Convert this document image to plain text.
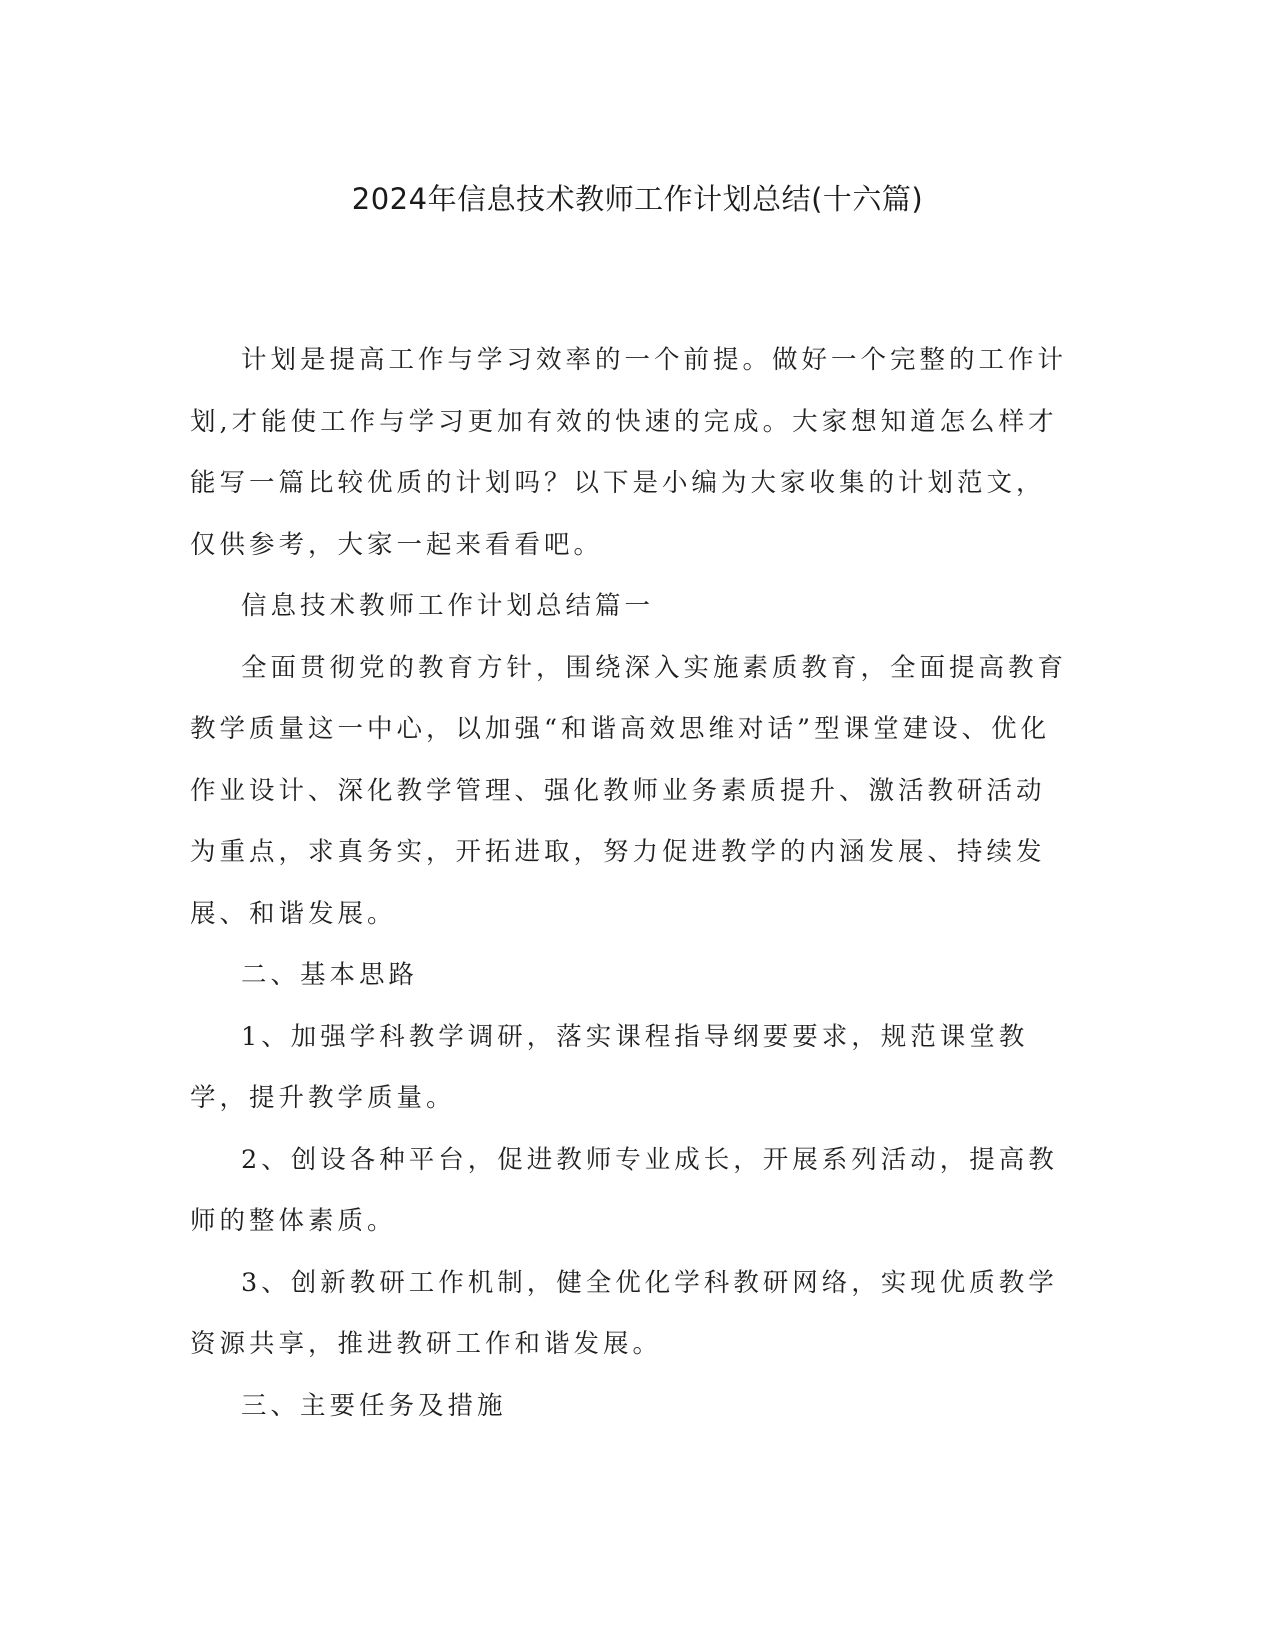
2024年信息技术教师工作计划总结(十六篇)

计划是提高工作与学习效率的一个前提。做好一个完整的工作计划,才能使工作与学习更加有效的快速的完成。大家想知道怎么样才能写一篇比较优质的计划吗？以下是小编为大家收集的计划范文，仅供参考，大家一起来看看吧。

信息技术教师工作计划总结篇一

全面贯彻党的教育方针，围绕深入实施素质教育，全面提高教育教学质量这一中心，以加强“和谐高效思维对话”型课堂建设、优化作业设计、深化教学管理、强化教师业务素质提升、激活教研活动为重点，求真务实，开拓进取，努力促进教学的内涵发展、持续发展、和谐发展。

二、基本思路

1、加强学科教学调研，落实课程指导纲要要求，规范课堂教学，提升教学质量。

2、创设各种平台，促进教师专业成长，开展系列活动，提高教师的整体素质。

3、创新教研工作机制，健全优化学科教研网络，实现优质教学资源共享，推进教研工作和谐发展。

三、主要任务及措施
